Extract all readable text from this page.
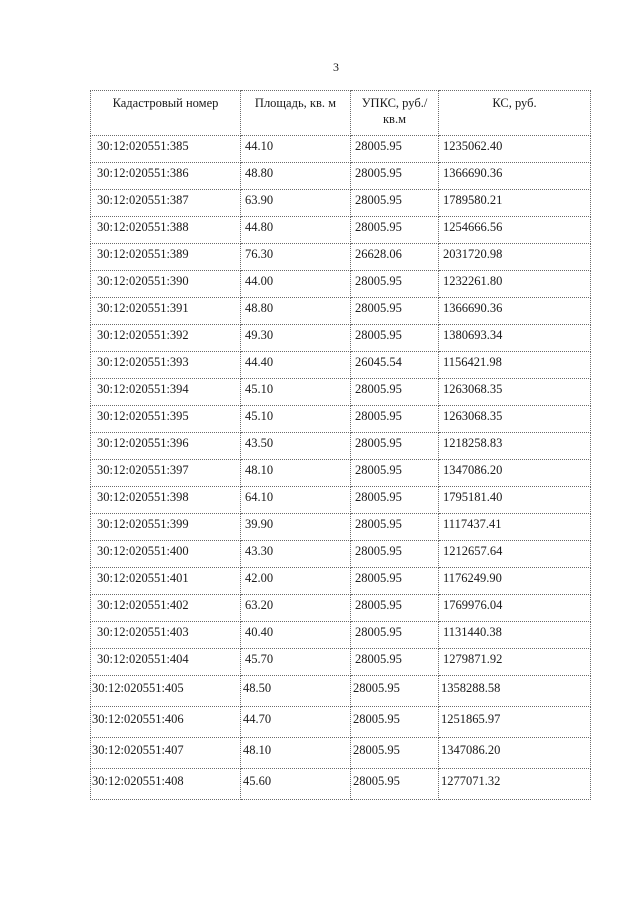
3
Кадастровый номер	Площадь, кв. м	УПКС, руб./кв.м	КС, руб.
30:12:020551:385	44.10	28005.95	1235062.40
30:12:020551:386	48.80	28005.95	1366690.36
30:12:020551:387	63.90	28005.95	1789580.21
30:12:020551:388	44.80	28005.95	1254666.56
30:12:020551:389	76.30	26628.06	2031720.98
30:12:020551:390	44.00	28005.95	1232261.80
30:12:020551:391	48.80	28005.95	1366690.36
30:12:020551:392	49.30	28005.95	1380693.34
30:12:020551:393	44.40	26045.54	1156421.98
30:12:020551:394	45.10	28005.95	1263068.35
30:12:020551:395	45.10	28005.95	1263068.35
30:12:020551:396	43.50	28005.95	1218258.83
30:12:020551:397	48.10	28005.95	1347086.20
30:12:020551:398	64.10	28005.95	1795181.40
30:12:020551:399	39.90	28005.95	1117437.41
30:12:020551:400	43.30	28005.95	1212657.64
30:12:020551:401	42.00	28005.95	1176249.90
30:12:020551:402	63.20	28005.95	1769976.04
30:12:020551:403	40.40	28005.95	1131440.38
30:12:020551:404	45.70	28005.95	1279871.92
30:12:020551:405	48.50	28005.95	1358288.58
30:12:020551:406	44.70	28005.95	1251865.97
30:12:020551:407	48.10	28005.95	1347086.20
30:12:020551:408	45.60	28005.95	1277071.32
